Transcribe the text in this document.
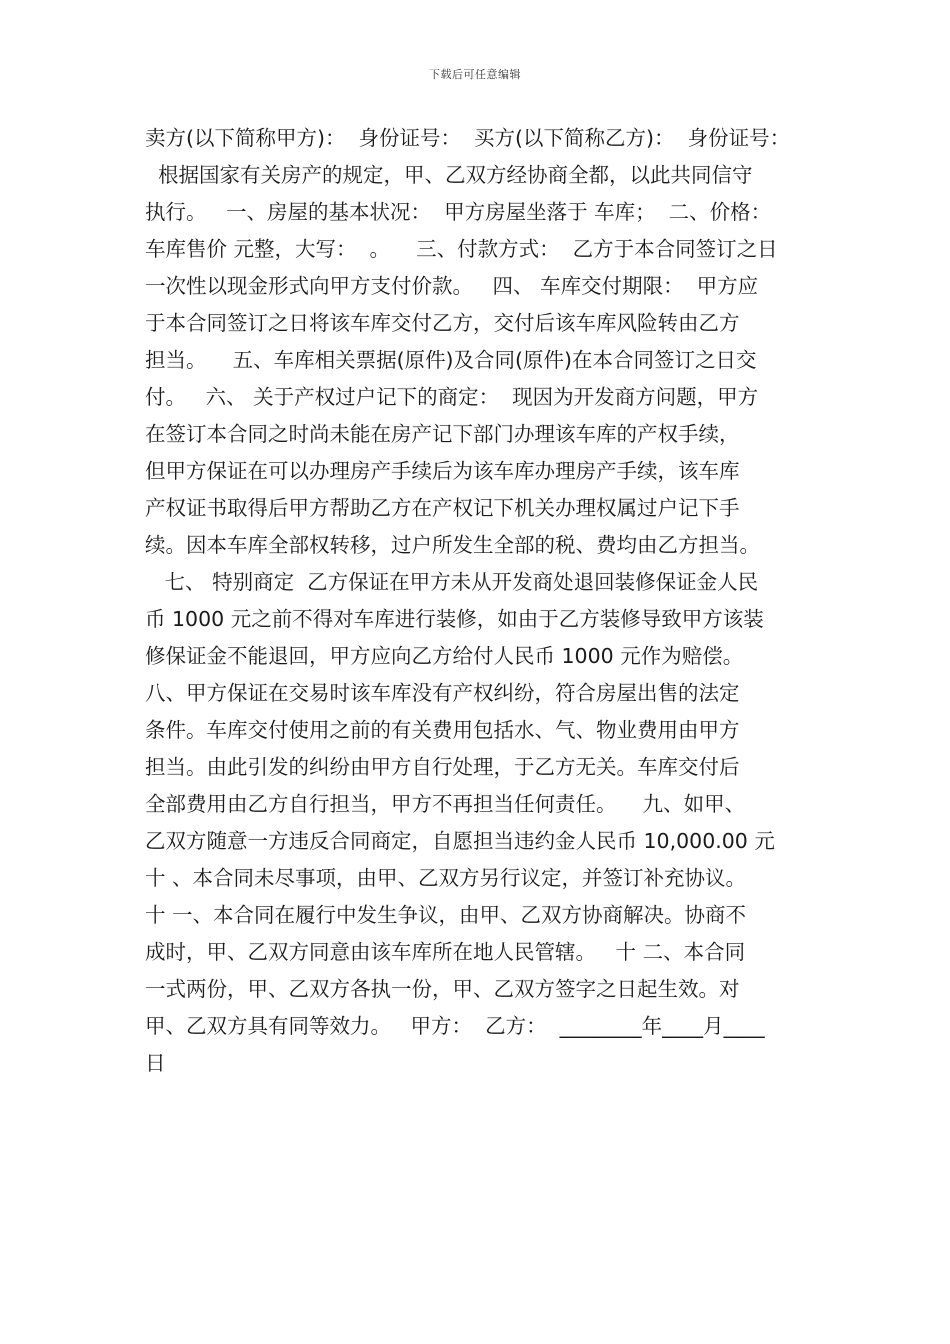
下载后可任意编辑
卖方(以下简称甲方)：  身份证号：  买方(以下简称乙方)：  身份证号：
根据国家有关房产的规定，甲、乙双方经协商全都，以此共同信守
执行。   一、房屋的基本状况：  甲方房屋坐落于 车库；  二、价格：
车库售价 元整，大写：  。    三、付款方式：  乙方于本合同签订之日
一次性以现金形式向甲方支付价款。   四、 车库交付期限：  甲方应
于本合同签订之日将该车库交付乙方，交付后该车库风险转由乙方
担当。    五、车库相关票据(原件)及合同(原件)在本合同签订之日交
付。   六、 关于产权过户记下的商定：  现因为开发商方问题，甲方
在签订本合同之时尚未能在房产记下部门办理该车库的产权手续，
但甲方保证在可以办理房产手续后为该车库办理房产手续，该车库
产权证书取得后甲方帮助乙方在产权记下机关办理权属过户记下手
续。因本车库全部权转移，过户所发生全部的税、费均由乙方担当。
七、 特别商定  乙方保证在甲方未从开发商处退回装修保证金人民
币 1000 元之前不得对车库进行装修，如由于乙方装修导致甲方该装
修保证金不能退回，甲方应向乙方给付人民币 1000 元作为赔偿。
八、甲方保证在交易时该车库没有产权纠纷，符合房屋出售的法定
条件。车库交付使用之前的有关费用包括水、气、物业费用由甲方
担当。由此引发的纠纷由甲方自行处理，于乙方无关。车库交付后
全部费用由乙方自行担当，甲方不再担当任何责任。    九、如甲、
乙双方随意一方违反合同商定，自愿担当违约金人民币 10,000.00 元
十 、本合同未尽事项，由甲、乙双方另行议定，并签订补充协议。
十 一、本合同在履行中发生争议，由甲、乙双方协商解决。协商不
成时，甲、乙双方同意由该车库所在地人民管辖。   十 二、本合同
一式两份，甲、乙双方各执一份，甲、乙双方签字之日起生效。对
甲、乙双方具有同等效力。   甲方：  乙方：  ________年____月____
日
